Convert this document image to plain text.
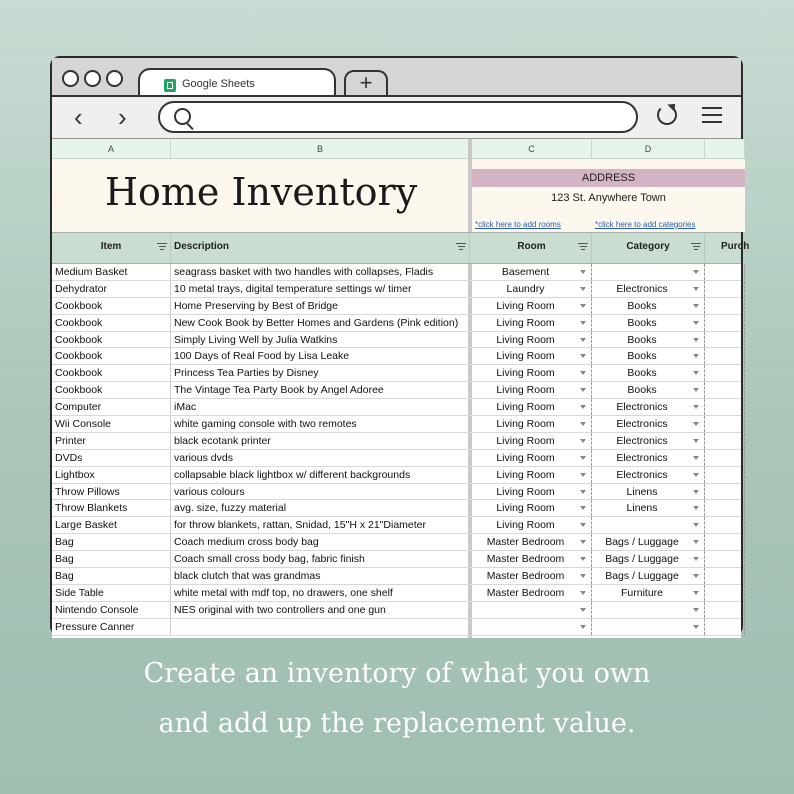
Google Sheets	+
‹ ›
A	B	C	D
Home Inventory	ADDRESS
123 St. Anywhere Town
*click here to add rooms	*click here to add categories
Item	Description	Room	Category	Purch
Medium Basket	seagrass basket with two handles with collapses, Fladis	Basement
Dehydrator	10 metal trays, digital temperature settings w/ timer	Laundry	Electronics
Cookbook	Home Preserving by Best of Bridge	Living Room	Books
Cookbook	New Cook Book by Better Homes and Gardens (Pink edition)	Living Room	Books
Cookbook	Simply Living Well by Julia Watkins	Living Room	Books
Cookbook	100 Days of Real Food by Lisa Leake	Living Room	Books
Cookbook	Princess Tea Parties by Disney	Living Room	Books
Cookbook	The Vintage Tea Party Book by Angel Adoree	Living Room	Books
Computer	iMac	Living Room	Electronics
Wii Console	white gaming console with two remotes	Living Room	Electronics
Printer	black ecotank printer	Living Room	Electronics
DVDs	various dvds	Living Room	Electronics
Lightbox	collapsable black lightbox w/ different backgrounds	Living Room	Electronics
Throw Pillows	various colours	Living Room	Linens
Throw Blankets	avg. size, fuzzy material	Living Room	Linens
Large Basket	for throw blankets, rattan, Snidad, 15"H x 21"Diameter	Living Room
Bag	Coach medium cross body bag	Master Bedroom	Bags / Luggage
Bag	Coach small cross body bag, fabric finish	Master Bedroom	Bags / Luggage
Bag	black clutch that was grandmas	Master Bedroom	Bags / Luggage
Side Table	white metal with mdf top, no drawers, one shelf	Master Bedroom	Furniture
Nintendo Console	NES original with two controllers and one gun
Pressure Canner
Create an inventory of what you own
and add up the replacement value.
